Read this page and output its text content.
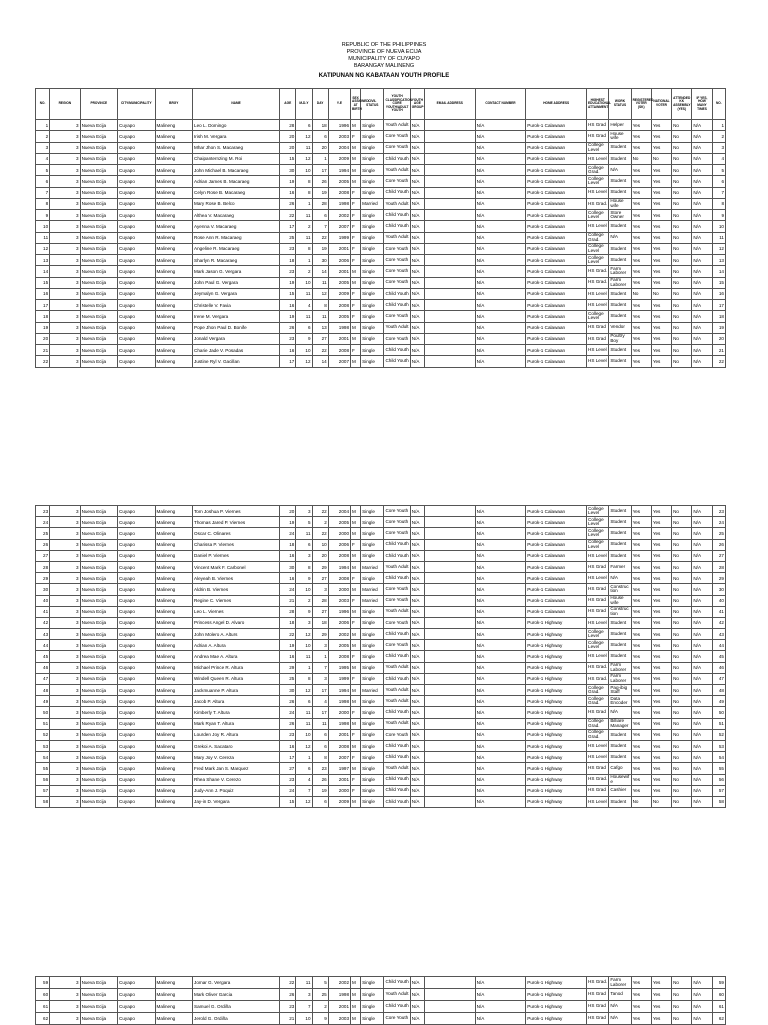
REPUBLIC OF THE PHILIPPINES
PROVINCE OF NUEVA ECIJA
MUNICIPALITY OF CUYAPO
BARANGAY MALINENG
KATIPUNAN NG KABATAAN YOUTH PROFILE
NO.	REGION	PROVINCE	CITY/MUNICIPALITY	BRGY	NAME	AGE	M-D-Y	DAY	Y-E	SEX ASSIGNED AT BIRTH	CIVIL STATUS	YOUTH CLASSIFICATION CORE YOUTH/ADULT YOUTH	YOUTH AGE GROUP	EMAIL ADDRESS	CONTACT NUMBER	HOME ADDRESS	HIGHEST EDUCATIONAL ATTAINMENT	WORK STATUS	REGISTERED VOTER (SK)	NATIONAL VOTER	ATTENDED KK ASSEMBLY (YES)	IF YES, HOW MANY TIMES	NO.
1	3	Nueva Ecija	Cuyapo	Malineng	Leo L. Domingo	28	6	18	1996	M	Single	Youth Adult	N/A		N/A	Purok-1 Calawaan	HS Grad	Helper	Yes	Yes	No	N/A	1
2	3	Nueva Ecija	Cuyapo	Malineng	Irish M. Vergara	20	12	6	2003	F	Single	Core Youth	N/A		N/A	Purok-1 Calawaan	HS Grad	House wife	Yes	Yes	No	N/A	2
3	3	Nueva Ecija	Cuyapo	Malineng	Mhar Jhon S. Macaraeg	20	11	20	2004	M	Single	Core Youth	N/A		N/A	Purok-1 Calawaan	College Level	Student	Yes	Yes	No	N/A	3
4	3	Nueva Ecija	Cuyapo	Malineng	Chaipanternzing M. Roi	15	12	1	2009	M	Single	Child Youth	N/A		N/A	Purok-1 Calawaan	HS Level	Student	No	No	No	N/A	4
5	3	Nueva Ecija	Cuyapo	Malineng	John Michael B. Macaraeg	30	10	17	1994	M	Single	Youth Adult	N/A		N/A	Purok-1 Calawaan	College Grad.	N/A	Yes	Yes	No	N/A	5
6	3	Nueva Ecija	Cuyapo	Malineng	Adrian James B. Macaraeg	19	8	26	2005	M	Single	Core Youth	N/A		N/A	Purok-1 Calawaan	College Level	Student	Yes	Yes	No	N/A	6
7	3	Nueva Ecija	Cuyapo	Malineng	Celyn Rose B. Macaraeg	16	8	19	2008	F	Single	Child Youth	N/A		N/A	Purok-1 Calawaan	HS Level	Student	Yes	Yes	No	N/A	7
8	3	Nueva Ecija	Cuyapo	Malineng	Mary Rose B. Belco	26	1	28	1998	F	Married	Youth Adult	N/A		N/A	Purok-1 Calawaan	HS Grad.	House wife	Yes	Yes	No	N/A	8
9	3	Nueva Ecija	Cuyapo	Malineng	Althea V. Macaraeg	22	11	6	2002	F	Single	Child Youth	N/A		N/A	Purok-1 Calawaan	College Level	Store Owner	Yes	Yes	No	N/A	9
10	3	Nueva Ecija	Cuyapo	Malineng	Ayenna V. Macaraeg	17	2	7	2007	F	Single	Child Youth	N/A		N/A	Purok-1 Calawaan	HS Level	Student	Yes	Yes	No	N/A	10
11	3	Nueva Ecija	Cuyapo	Malineng	Rose Ann R. Macaraeg	25	11	22	1999	F	Single	Youth Adult	N/A		N/A	Purok-1 Calawaan	College Grad.	N/A	Yes	Yes	No	N/A	11
12	3	Nueva Ecija	Cuyapo	Malineng	Angeline R. Macaraeg	23	8	19	2001	F	Single	Core Youth	N/A		N/A	Purok-1 Calawaan	College Level	Student	Yes	Yes	No	N/A	12
13	3	Nueva Ecija	Cuyapo	Malineng	Sharlyn R. Macaraeg	18	1	30	2006	F	Single	Core Youth	N/A		N/A	Purok-1 Calawaan	College Level	Student	Yes	Yes	No	N/A	13
14	3	Nueva Ecija	Cuyapo	Malineng	Mark Jason G. Vergara	23	2	14	2001	M	Single	Core Youth	N/A		N/A	Purok-1 Calawaan	HS Grad.	Farm Laborer	Yes	Yes	No	N/A	14
15	3	Nueva Ecija	Cuyapo	Malineng	John Paul G. Vergara	19	10	11	2005	M	Single	Core Youth	N/A		N/A	Purok-1 Calawaan	HS Grad.	Farm Laborer	Yes	Yes	No	N/A	15
16	3	Nueva Ecija	Cuyapo	Malineng	Jeymalyn G. Vergara	15	11	12	2009	F	Single	Child Youth	N/A		N/A	Purok-1 Calawaan	HS Level	Student	No	No	No	N/A	16
17	3	Nueva Ecija	Cuyapo	Malineng	Christelle V. Favia	16	4	8	2008	F	Single	Child Youth	N/A		N/A	Purok-1 Calawaan	HS Level	Student	Yes	Yes	No	N/A	17
18	3	Nueva Ecija	Cuyapo	Malineng	Irene M. Vergara	19	11	11	2005	F	Single	Core Youth	N/A		N/A	Purok-1 Calawaan	College Level	Student	Yes	Yes	No	N/A	18
19	3	Nueva Ecija	Cuyapo	Malineng	Pope Jhon Paul D. Bonife	26	6	13	1998	M	Single	Youth Adult	N/A		N/A	Purok-1 Calawaan	HS Grad	Vendor	Yes	Yes	No	N/A	19
20	3	Nueva Ecija	Cuyapo	Malineng	Jonald Vergara	23	9	27	2001	M	Single	Core Youth	N/A		N/A	Purok-1 Calawaan	HS Grad	Poultry Boy	Yes	Yes	No	N/A	20
21	3	Nueva Ecija	Cuyapo	Malineng	Charie Jade V. Posadas	16	10	22	2008	F	Single	Child Youth	N/A		N/A	Purok-1 Calawaan	HS Level	Student	Yes	Yes	No	N/A	21
22	3	Nueva Ecija	Cuyapo	Malineng	Justine Ryl V. Gacillan	17	12	14	2007	M	Single	Child Youth	N/A		N/A	Purok-1 Calawaan	HS Level	Student	Yes	Yes	No	N/A	22
23	3	Nueva Ecija	Cuyapo	Malineng	Tom Joshua P. Viernes	20	3	22	2004	M	Single	Core Youth	N/A		N/A	Purok-1 Calawaan	College Level	Student	Yes	Yes	No	N/A	23
24	3	Nueva Ecija	Cuyapo	Malineng	Thomas Jared P. Viernes	19	5	2	2005	M	Single	Core Youth	N/A		N/A	Purok-1 Calawaan	College Level	Student	Yes	Yes	No	N/A	24
25	3	Nueva Ecija	Cuyapo	Malineng	Oscar C. Olinares	24	11	22	2000	M	Single	Core Youth	N/A		N/A	Purok-1 Calawaan	College Level	Student	Yes	Yes	No	N/A	25
26	3	Nueva Ecija	Cuyapo	Malineng	Charissa P. Viernes	18	6	10	2006	F	Single	Child Youth	N/A		N/A	Purok-1 Calawaan	College Level	Student	Yes	Yes	No	N/A	26
27	3	Nueva Ecija	Cuyapo	Malineng	Daniel P. Viernes	16	3	20	2008	M	Single	Child Youth	N/A		N/A	Purok-1 Calawaan	HS Level	Student	Yes	Yes	No	N/A	27
28	3	Nueva Ecija	Cuyapo	Malineng	Vincent Mark F. Carbonel	30	8	29	1994	M	Married	Youth Adult	N/A		N/A	Purok-1 Calawaan	HS Grad	Farmer	Yes	Yes	No	N/A	28
29	3	Nueva Ecija	Cuyapo	Malineng	Aleyeah B. Viernes	16	9	27	2008	F	Single	Child Youth	N/A		N/A	Purok-1 Calawaan	HS Level	N/A	Yes	Yes	No	N/A	29
30	3	Nueva Ecija	Cuyapo	Malineng	Aldrin B. Viernes	24	10	3	2000	M	Married	Core Youth	N/A		N/A	Purok-1 Calawaan	HS Grad	Construc tion	Yes	Yes	No	N/A	30
40	3	Nueva Ecija	Cuyapo	Malineng	Regine C. Viernes	21	2	28	2003	F	Married	Core Youth	N/A		N/A	Purok-1 Calawaan	HS Grad	House wife	Yes	Yes	No	N/A	40
41	3	Nueva Ecija	Cuyapo	Malineng	Leo L. Viernes	28	9	27	1996	M	Single	Youth Adult	N/A		N/A	Purok-1 Calawaan	HS Grad	Construc tion	Yes	Yes	No	N/A	41
42	3	Nueva Ecija	Cuyapo	Malineng	Princess Angel D. Alvaro	18	3	18	2006	F	Single	Core Youth	N/A		N/A	Purok-1 Highway	HS Level	Student	Yes	Yes	No	N/A	42
43	3	Nueva Ecija	Cuyapo	Malineng	John Molero A. Alturs	22	12	29	2002	M	Single	Child Youth	N/A		N/A	Purok-1 Highway	College Level	Student	Yes	Yes	No	N/A	43
44	3	Nueva Ecija	Cuyapo	Malineng	Adrian A. Altura	19	10	3	2005	M	Single	Core Youth	N/A		N/A	Purok-1 Highway	College Level	Student	Yes	Yes	No	N/A	44
45	3	Nueva Ecija	Cuyapo	Malineng	Andrea Mae A. Altura	16	11	1	2008	F	Single	Child Youth	N/A		N/A	Purok-1 Highway	HS Level	Student	Yes	Yes	No	N/A	45
46	3	Nueva Ecija	Cuyapo	Malineng	Michael Prince R. Altura	29	1	7	1995	M	Single	Youth Adult	N/A		N/A	Purok-1 Highway	HS Grad.	Farm Laborer	Yes	Yes	No	N/A	46
47	3	Nueva Ecija	Cuyapo	Malineng	Windell Queen R. Altura	25	8	3	1999	F	Single	Child Youth	N/A		N/A	Purok-1 Highway	HS Grad.	Farm Laborer	Yes	Yes	No	N/A	47
48	3	Nueva Ecija	Cuyapo	Malineng	Jackmuanne P. Altura	30	12	17	1994	M	Married	Youth Adult	N/A		N/A	Purok-1 Highway	College Grad.	Pag-ibig Staff	Yes	Yes	No	N/A	48
49	3	Nueva Ecija	Cuyapo	Malineng	Jacob P. Altura	26	6	4	1998	M	Single	Youth Adult	N/A		N/A	Purok-1 Highway	College Grad.	Data Encoder	Yes	Yes	No	N/A	49
50	3	Nueva Ecija	Cuyapo	Malineng	Kimberly T. Altura	24	11	17	2000	F	Single	Child Youth	N/A		N/A	Purok-1 Highway	HS Grad	N/A	Yes	Yes	No	N/A	50
51	3	Nueva Ecija	Cuyapo	Malineng	Mark Ryan T. Altura	26	11	11	1998	M	Single	Youth Adult	N/A		N/A	Purok-1 Highway	College Grad.	Billiare Manager	Yes	Yes	No	N/A	51
52	3	Nueva Ecija	Cuyapo	Malineng	Lourden Joy R. Altura	23	10	6	2001	F	Single	Core Youth	N/A		N/A	Purok-1 Highway	College Grad.	Student	Yes	Yes	No	N/A	52
53	3	Nueva Ecija	Cuyapo	Malineng	Grekoi A. Sacataro	16	12	6	2008	M	Single	Child Youth	N/A		N/A	Purok-1 Highway	HS Level	Student	Yes	Yes	No	N/A	53
54	3	Nueva Ecija	Cuyapo	Malineng	Mary Joy V. Cereza	17	1	8	2007	F	Single	Child Youth	N/A		N/A	Purok-1 Highway	HS Level	Student	Yes	Yes	No	N/A	54
55	3	Nueva Ecija	Cuyapo	Malineng	Fred Mark Jan S. Marquez	27	6	23	1997	M	Single	Youth Adult	N/A		N/A	Purok-1 Highway	HS Grad	Cafgo	Yes	Yes	No	N/A	55
56	3	Nueva Ecija	Cuyapo	Malineng	Rhea Shane V. Cerezo	23	4	26	2001	F	Single	Child Youth	N/A		N/A	Purok-1 Highway	HS Grad.	Housewif e	Yes	Yes	No	N/A	56
57	3	Nueva Ecija	Cuyapo	Malineng	Judy-Ann J. Poquiz	24	7	19	2000	F	Single	Child Youth	N/A		N/A	Purok-1 Highway	HS Grad	Cashier	Yes	Yes	No	N/A	57
58	3	Nueva Ecija	Cuyapo	Malineng	Jay-in D. Vergara	15	12	6	2009	M	Single	Child Youth	N/A		N/A	Purok-1 Highway	HS Level	Student	No	No	No	N/A	58
59	3	Nueva Ecija	Cuyapo	Malineng	Jomar G. Vergara	22	11	5	2002	M	Single	Child Youth	N/A		N/A	Purok-1 Highway	HS Grad.	Farm Laborer	Yes	Yes	No	N/A	59
60	3	Nueva Ecija	Cuyapo	Malineng	Mark Oliver Garcia	26	3	25	1998	M	Single	Youth Adult	N/A		N/A	Purok-1 Highway	HS Grad	Tanod	Yes	Yes	No	N/A	60
61	3	Nueva Ecija	Cuyapo	Malineng	Samuel G. Ordiña	23	7	2	2001	M	Single	Child Youth	N/A		N/A	Purok-1 Highway	HS Grad	N/A	Yes	Yes	No	N/A	61
62	3	Nueva Ecija	Cuyapo	Malineng	Jerold G. Ordiña	21	10	9	2003	M	Single	Core Youth	N/A		N/A	Purok-1 Highway	HS Grad	N/A	Yes	Yes	No	N/A	62
